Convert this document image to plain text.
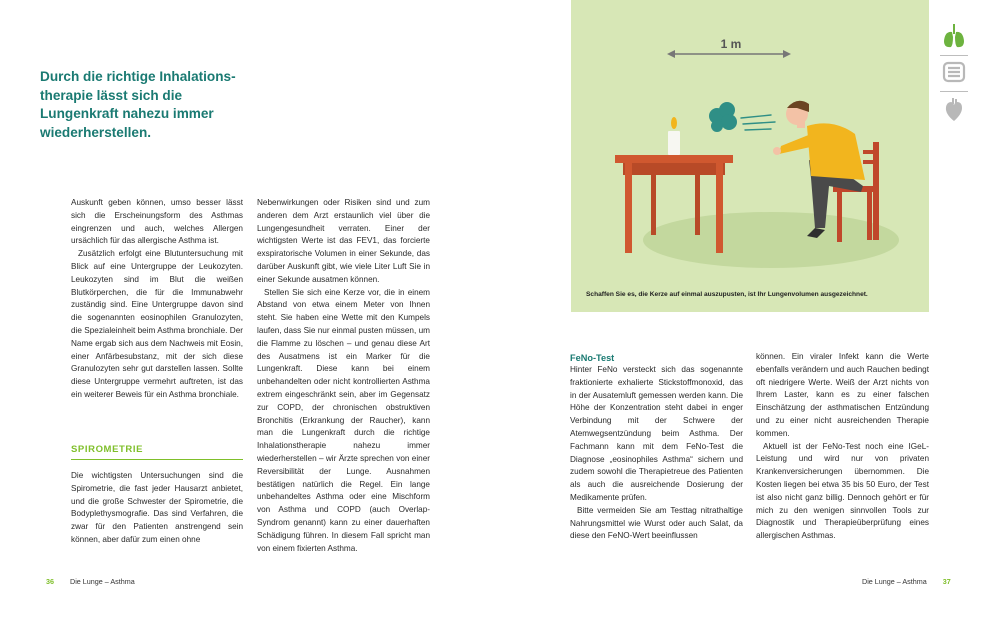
Durch die richtige Inhalations-therapie lässt sich die Lungenkraft nahezu immer wiederherstellen.

Auskunft geben können, umso besser lässt sich die Erscheinungsform des Asthmas eingrenzen und auch, welches Allergen ursächlich für das allergische Asthma ist.

Zusätzlich erfolgt eine Blutuntersuchung mit Blick auf eine Untergruppe der Leukozyten. Leukozyten sind im Blut die weißen Blutkörperchen, die für die Immunabwehr zuständig sind. Eine Untergruppe davon sind die sogenannten eosinophilen Granulozyten, die Spezialeinheit beim Asthma bronchiale. Der Name ergab sich aus dem Nachweis mit Eosin, einer Anfärbesubstanz, mit der sich diese Granulozyten sehr gut darstellen lassen. Sollte diese Untergruppe vermehrt auftreten, ist das ein weiterer Beweis für ein Asthma bronchiale.

SPIROMETRIE

Die wichtigsten Untersuchungen sind die Spirometrie, die fast jeder Hausarzt anbietet, und die große Schwester der Spirometrie, die Bodyplethysmografie. Das sind Verfahren, die zwar für den Patienten anstrengend sein können, aber dafür zum einen ohne

Nebenwirkungen oder Risiken sind und zum anderen dem Arzt erstaunlich viel über die Lungengesundheit verraten. Einer der wichtigsten Werte ist das FEV1, das forcierte exspiratorische Volumen in einer Sekunde, das darüber Auskunft gibt, wie viele Liter Luft Sie in einer Sekunde ausatmen können.

Stellen Sie sich eine Kerze vor, die in einem Abstand von etwa einem Meter von Ihnen steht. Sie haben eine Wette mit den Kumpels laufen, dass Sie nur einmal pusten müssen, um die Flamme zu löschen – und genau diese Art des Ausatmens ist ein Marker für die Lungenkraft. Diese kann bei einem unbehandelten oder nicht kontrollierten Asthma extrem eingeschränkt sein, aber im Gegensatz zur COPD, der chronischen obstruktiven Bronchitis (Erkrankung der Raucher), kann man die Lungenkraft durch die richtige Inhalationstherapie nahezu immer wiederherstellen – wir Ärzte sprechen von einer Reversibilität der Lunge. Ausnahmen bestätigen natürlich die Regel. Ein lange unbehandeltes Asthma oder eine Mischform von Asthma und COPD (auch Overlap-Syndrom genannt) kann zu einer dauerhaften Schädigung führen. In diesem Fall spricht man von einem fixierten Asthma.

36 Die Lunge – Asthma
1 m
Schaffen Sie es, die Kerze auf einmal auszupusten, ist Ihr Lungenvolumen ausgezeichnet.
FeNo-Test

Hinter FeNo versteckt sich das sogenannte fraktionierte exhalierte Stickstoffmonoxid, das in der Ausatemluft gemessen werden kann. Die Höhe der Konzentration steht dabei in enger Verbindung mit der Schwere der Atemwegsentzündung beim Asthma. Der Fachmann kann mit dem FeNo-Test die Diagnose „eosinophiles Asthma“ sichern und zudem sowohl die Therapietreue des Patienten als auch die ausreichende Dosierung der Medikamente prüfen.

Bitte vermeiden Sie am Testtag nitrathaltige Nahrungsmittel wie Wurst oder auch Salat, da diese den FeNO-Wert beeinflussen

können. Ein viraler Infekt kann die Werte ebenfalls verändern und auch Rauchen bedingt oft niedrigere Werte. Weiß der Arzt nichts von Ihrem Laster, kann es zu einer falschen Einschätzung der asthmatischen Entzündung und zu einer nicht ausreichenden Therapie kommen.

Aktuell ist der FeNo-Test noch eine IGeL-Leistung und wird nur von privaten Krankenversicherungen übernommen. Die Kosten liegen bei etwa 35 bis 50 Euro, der Test ist also nicht ganz billig. Dennoch gehört er für mich zu den wenigen sinnvollen Tools zur Diagnostik und Therapieüberprüfung eines allergischen Asthmas.

Die Lunge – Asthma 37
